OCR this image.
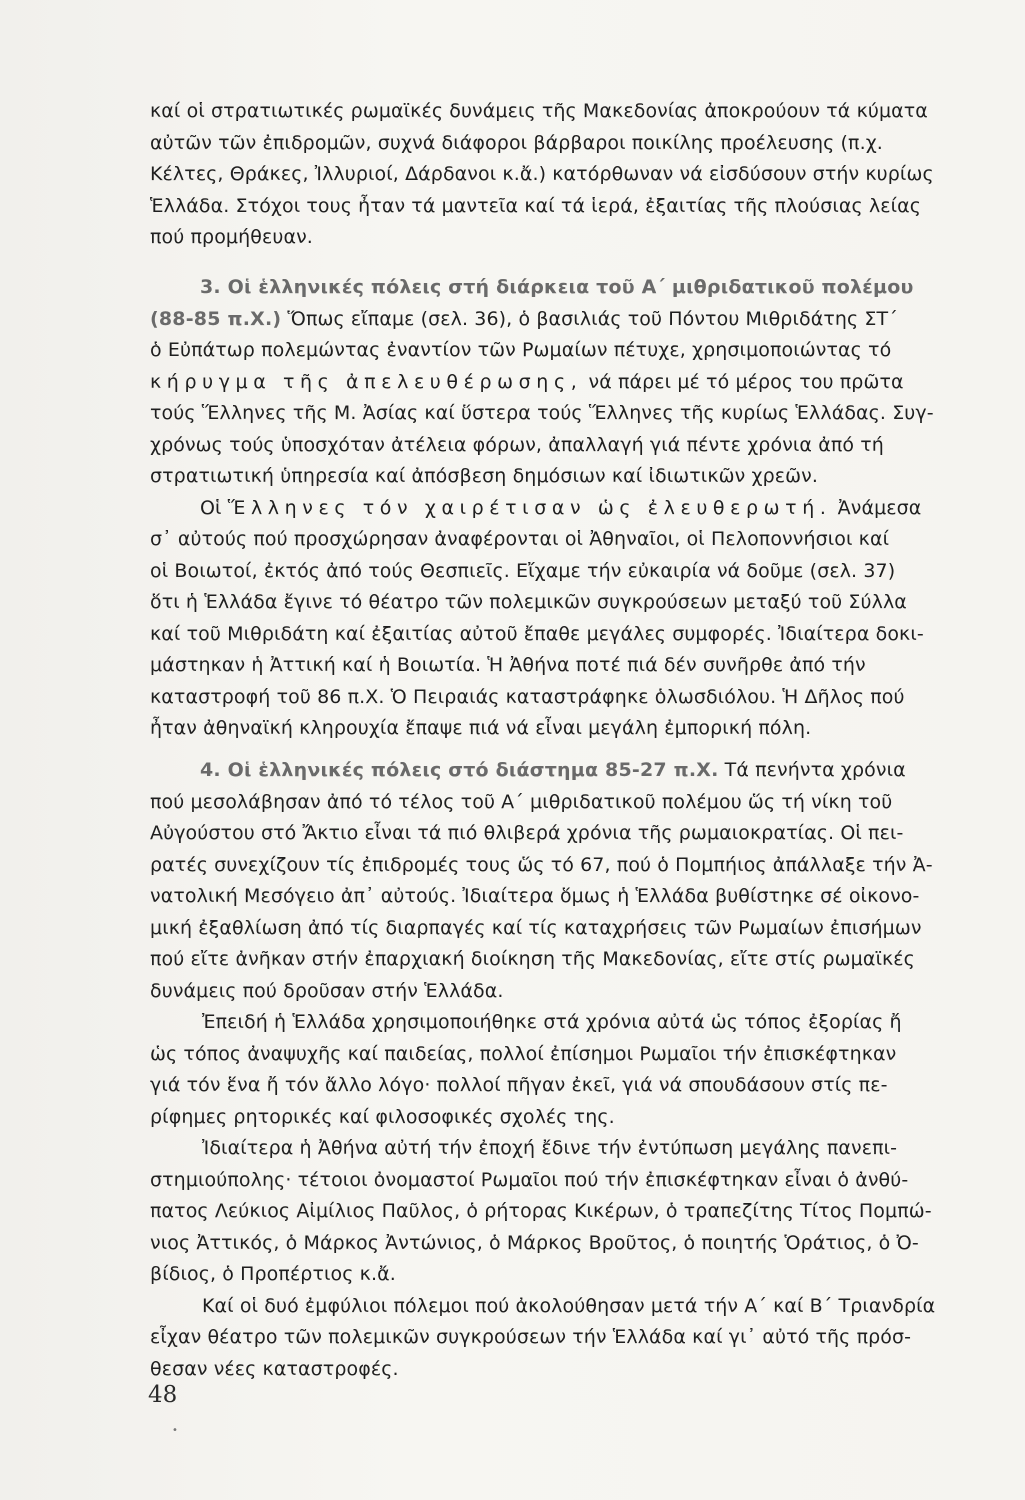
καί οἱ στρατιωτικές ρωμαϊκές δυνάμεις τῆς Μακεδονίας ἀποκρούουν τά κύματα
αὐτῶν τῶν ἐπιδρομῶν, συχνά διάφοροι βάρβαροι ποικίλης προέλευσης (π.χ.
Κέλτες, Θράκες, Ἰλλυριοί, Δάρδανοι κ.ἄ.) κατόρθωναν νά εἰσδύσουν στήν κυρίως
Ἑλλάδα. Στόχοι τους ἦταν τά μαντεῖα καί τά ἱερά, ἐξαιτίας τῆς πλούσιας λείας
πού προμήθευαν.
3. Οἱ ἑλληνικές πόλεις στή διάρκεια τοῦ Α΄ μιθριδατικοῦ πολέμου
(88-85 π.Χ.) Ὅπως εἴπαμε (σελ. 36), ὁ βασιλιάς τοῦ Πόντου Μιθριδάτης ΣΤ΄
ὁ Εὐπάτωρ πολεμώντας ἐναντίον τῶν Ρωμαίων πέτυχε, χρησιμοποιώντας τό
κήρυγμα τῆς ἀπελευθέρωσης, νά πάρει μέ τό μέρος του πρῶτα
τούς Ἕλληνες τῆς Μ. Ἀσίας καί ὕστερα τούς Ἕλληνες τῆς κυρίως Ἑλλάδας. Συγ-
χρόνως τούς ὑποσχόταν ἀτέλεια φόρων, ἀπαλλαγή γιά πέντε χρόνια ἀπό τή
στρατιωτική ὑπηρεσία καί ἀπόσβεση δημόσιων καί ἰδιωτικῶν χρεῶν.
Οἱ Ἕλληνες τόν χαιρέτισαν ὡς ἐλευθερωτή. Ἀνάμεσα
σ᾽ αὐτούς πού προσχώρησαν ἀναφέρονται οἱ Ἀθηναῖοι, οἱ Πελοποννήσιοι καί
οἱ Βοιωτοί, ἐκτός ἀπό τούς Θεσπιεῖς. Εἴχαμε τήν εὐκαιρία νά δοῦμε (σελ. 37)
ὅτι ἡ Ἑλλάδα ἔγινε τό θέατρο τῶν πολεμικῶν συγκρούσεων μεταξύ τοῦ Σύλλα
καί τοῦ Μιθριδάτη καί ἐξαιτίας αὐτοῦ ἔπαθε μεγάλες συμφορές. Ἰδιαίτερα δοκι-
μάστηκαν ἡ Ἀττική καί ἡ Βοιωτία. Ἡ Ἀθήνα ποτέ πιά δέν συνῆρθε ἀπό τήν
καταστροφή τοῦ 86 π.Χ. Ὁ Πειραιάς καταστράφηκε ὁλωσδιόλου. Ἡ Δῆλος πού
ἦταν ἀθηναϊκή κληρουχία ἔπαψε πιά νά εἶναι μεγάλη ἐμπορική πόλη.
4. Οἱ ἑλληνικές πόλεις στό διάστημα 85-27 π.Χ. Τά πενήντα χρόνια
πού μεσολάβησαν ἀπό τό τέλος τοῦ Α΄ μιθριδατικοῦ πολέμου ὥς τή νίκη τοῦ
Αὐγούστου στό Ἄκτιο εἶναι τά πιό θλιβερά χρόνια τῆς ρωμαιοκρατίας. Οἱ πει-
ρατές συνεχίζουν τίς ἐπιδρομές τους ὥς τό 67, πού ὁ Πομπήιος ἀπάλλαξε τήν Ἀ-
νατολική Μεσόγειο ἀπ᾽ αὐτούς. Ἰδιαίτερα ὅμως ἡ Ἑλλάδα βυθίστηκε σέ οἰκονο-
μική ἐξαθλίωση ἀπό τίς διαρπαγές καί τίς καταχρήσεις τῶν Ρωμαίων ἐπισήμων
πού εἴτε ἀνῆκαν στήν ἐπαρχιακή διοίκηση τῆς Μακεδονίας, εἴτε στίς ρωμαϊκές
δυνάμεις πού δροῦσαν στήν Ἑλλάδα.
Ἐπειδή ἡ Ἑλλάδα χρησιμοποιήθηκε στά χρόνια αὐτά ὡς τόπος ἐξορίας ἤ
ὡς τόπος ἀναψυχῆς καί παιδείας, πολλοί ἐπίσημοι Ρωμαῖοι τήν ἐπισκέφτηκαν
γιά τόν ἕνα ἤ τόν ἄλλο λόγο· πολλοί πῆγαν ἐκεῖ, γιά νά σπουδάσουν στίς πε-
ρίφημες ρητορικές καί φιλοσοφικές σχολές της.
Ἰδιαίτερα ἡ Ἀθήνα αὐτή τήν ἐποχή ἔδινε τήν ἐντύπωση μεγάλης πανεπι-
στημιούπολης· τέτοιοι ὀνομαστοί Ρωμαῖοι πού τήν ἐπισκέφτηκαν εἶναι ὁ ἀνθύ-
πατος Λεύκιος Αἰμίλιος Παῦλος, ὁ ρήτορας Κικέρων, ὁ τραπεζίτης Τίτος Πομπώ-
νιος Ἀττικός, ὁ Μάρκος Ἀντώνιος, ὁ Μάρκος Βροῦτος, ὁ ποιητής Ὁράτιος, ὁ Ὀ-
βίδιος, ὁ Προπέρτιος κ.ἄ.
Καί οἱ δυό ἐμφύλιοι πόλεμοι πού ἀκολούθησαν μετά τήν Α΄ καί Β΄ Τριανδρία
εἶχαν θέατρο τῶν πολεμικῶν συγκρούσεων τήν Ἑλλάδα καί γι᾽ αὐτό τῆς πρόσ-
θεσαν νέες καταστροφές.
48
•
